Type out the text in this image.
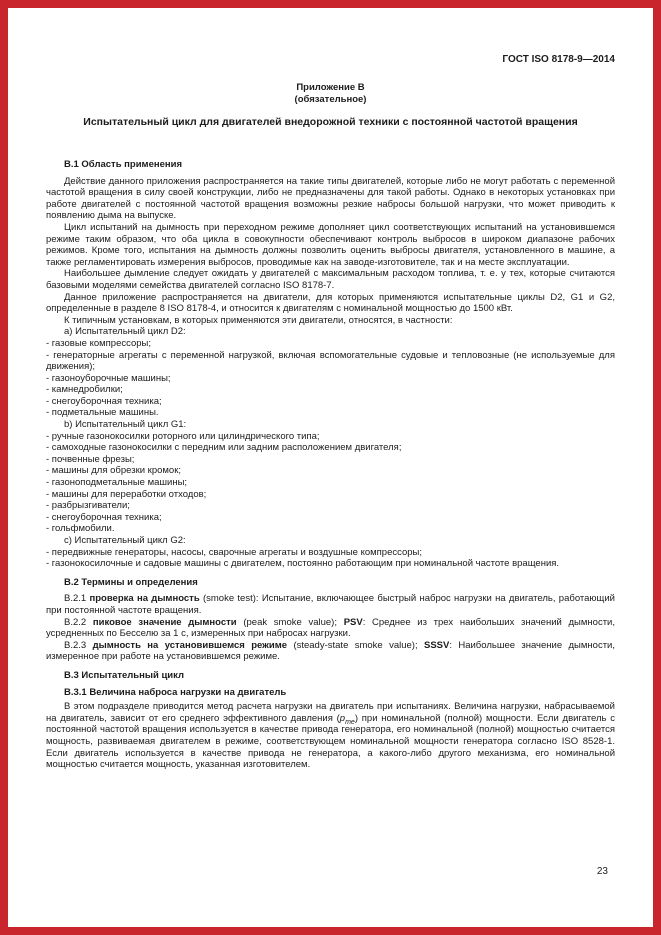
ГОСТ ISO 8178-9—2014
Приложение В
(обязательное)
Испытательный цикл для двигателей внедорожной техники с постоянной частотой вращения

В.1 Область применения

Действие данного приложения распространяется на такие типы двигателей, которые либо не могут работать с переменной частотой вращения в силу своей конструкции, либо не предназначены для такой работы. Однако в некоторых установках при работе двигателей с постоянной частотой вращения возможны резкие набросы большой нагрузки, что может приводить к появлению дыма на выпуске.

Цикл испытаний на дымность при переходном режиме дополняет цикл соответствующих испытаний на установившемся режиме таким образом, что оба цикла в совокупности обеспечивают контроль выбросов в широком диапазоне рабочих режимов. Кроме того, испытания на дымность должны позволить оценить выбросы двигателя, установленного в машине, а также регламентировать измерения выбросов, проводимые как на заводе-изготовителе, так и на месте эксплуатации.

Наибольшее дымление следует ожидать у двигателей с максимальным расходом топлива, т. е. у тех, которые считаются базовыми моделями семейства двигателей согласно ISO 8178-7.

Данное приложение распространяется на двигатели, для которых применяются испытательные циклы D2, G1 и G2, определенные в разделе 8 ISO 8178-4, и относится к двигателям с номинальной мощностью до 1500 кВт.

К типичным установкам, в которых применяются эти двигатели, относятся, в частности:

а) Испытательный цикл D2:

- газовые компрессоры;

- генераторные агрегаты с переменной нагрузкой, включая вспомогательные судовые и тепловозные (не используемые для движения);

- газоноуборочные машины;

- камнедробилки;

- снегоуборочная техника;

- подметальные машины.

b) Испытательный цикл G1:

- ручные газонокосилки роторного или цилиндрического типа;

- самоходные газонокосилки с передним или задним расположением двигателя;

- почвенные фрезы;

- машины для обрезки кромок;

- газоноподметальные машины;

- машины для переработки отходов;

- разбрызгиватели;

- снегоуборочная техника;

- гольфмобили.

c) Испытательный цикл G2:

- передвижные генераторы, насосы, сварочные агрегаты и воздушные компрессоры;

- газонокосилочные и садовые машины с двигателем, постоянно работающим при номинальной частоте вращения.

В.2 Термины и определения

В.2.1 проверка на дымность (smoke test): Испытание, включающее быстрый наброс нагрузки на двигатель, работающий при постоянной частоте вращения.

В.2.2 пиковое значение дымности (peak smoke value); PSV: Среднее из трех наибольших значений дымности, усредненных по Бесселю за 1 с, измеренных при набросах нагрузки.

В.2.3 дымность на установившемся режиме (steady-state smoke value); SSSV: Наибольшее значение дымности, измеренное при работе на установившемся режиме.

В.3 Испытательный цикл

В.3.1 Величина наброса нагрузки на двигатель

В этом подразделе приводится метод расчета нагрузки на двигатель при испытаниях. Величина нагрузки, набрасываемой на двигатель, зависит от его среднего эффективного давления $(p_{me})$ при номинальной (полной) мощности. Если двигатель с постоянной частотой вращения используется в качестве привода генератора, его номинальной (полной) мощностью считается мощность, развиваемая двигателем в режиме, соответствующем номинальной мощности генератора согласно ISO 8528-1. Если двигатель используется в качестве привода не генератора, а какого-либо другого механизма, его номинальной мощностью считается мощность, указанная изготовителем.

23
